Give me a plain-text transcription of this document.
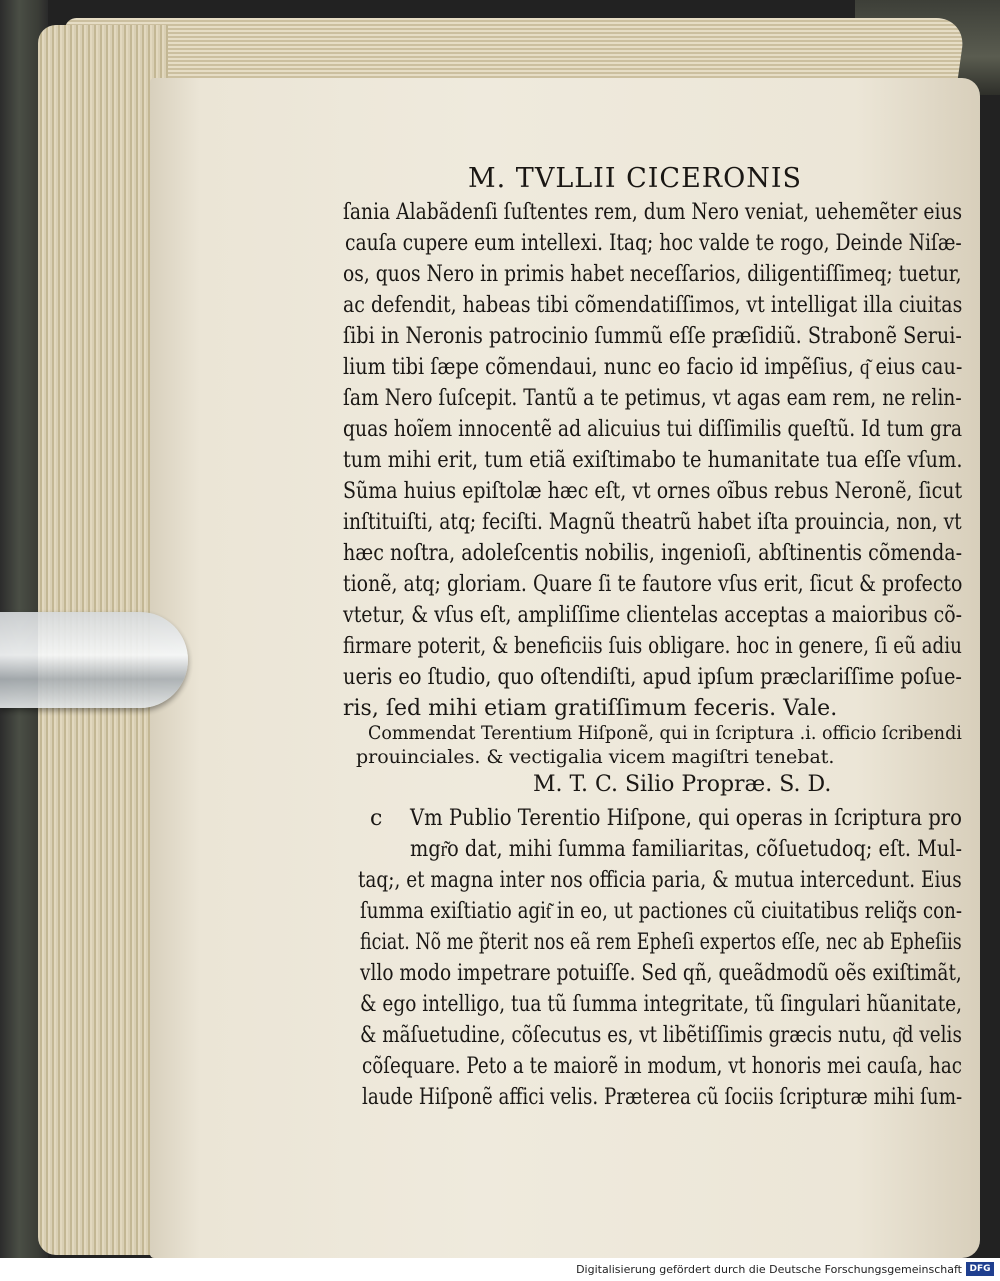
M. TVLLII CICERONIS
ſania Alabãdenſi ſuſtentes rem, dum Nero veniat, uehemẽter eius
cauſa cupere eum intellexi. Itaq; hoc valde te rogo, Deinde Niſæ-
os, quos Nero in primis habet neceſſarios, diligentiſſimeq; tuetur,
ac defendit, habeas tibi cõmendatiſſimos, vt intelligat illa ciuitas
ſibi in Neronis patrocinio ſummũ eſſe præſidiũ. Strabonẽ Serui-
lium tibi ſæpe cõmendaui, nunc eo facio id impẽſius, q͂ eius cau-
ſam Nero ſuſcepit. Tantũ a te petimus, vt agas eam rem, ne relin-
quas hoĩem innocentẽ ad alicuius tui diſſimilis queſtũ. Id tum gra
tum mihi erit, tum etiã exiſtimabo te humanitate tua eſſe vſum.
Sũma huius epiſtolæ hæc eſt, vt ornes oĩbus rebus Neronẽ, ſicut
inſtituiſti, atq; feciſti. Magnũ theatrũ habet iſta prouincia, non, vt
hæc noſtra, adoleſcentis nobilis, ingenioſi, abſtinentis cõmenda-
tionẽ, atq; gloriam. Quare ſi te fautore vſus erit, ſicut & profecto
vtetur, & vſus eſt, ampliſſime clientelas acceptas a maioribus cõ-
firmare poterit, & beneficiis ſuis obligare. hoc in genere, ſi eũ adiu
ueris eo ſtudio, quo oſtendiſti, apud ipſum præclariſſime poſue-
ris, ſed mihi etiam gratiſſimum feceris. Vale.
Commendat Terentium Hiſponẽ, qui in ſcriptura .i. officio ſcribendi
prouinciales. & vectigalia vicem magiſtri tenebat.
M. T. C. Silio Propræ. S. D.
c Vm Publio Terentio Hiſpone, qui operas in ſcriptura pro
mgr͂o dat, mihi ſumma familiaritas, cõſuetudoq; eſt. Mul-
taq;, et magna inter nos officia paria, & mutua intercedunt. Eius
ſumma exiſtiatio agit͂ in eo, ut pactiones cũ ciuitatibus reliq̃s con-
ficiat. Nõ me p̃terit nos eã rem Epheſi expertos eſſe, nec ab Epheſiis
vllo modo impetrare potuiſſe. Sed qñ, queãdmodũ oẽs exiſtimãt,
& ego intelligo, tua tũ ſumma integritate, tũ ſingulari hũanitate,
& mãſuetudine, cõſecutus es, vt libẽtiſſimis græcis nutu, q͂d velis
cõſequare. Peto a te maiorẽ in modum, vt honoris mei cauſa, hac
laude Hiſponẽ affici velis. Præterea cũ ſociis ſcripturæ mihi ſum-
Digitalisierung gefördert durch die Deutsche Forschungsgemeinschaft DFG
